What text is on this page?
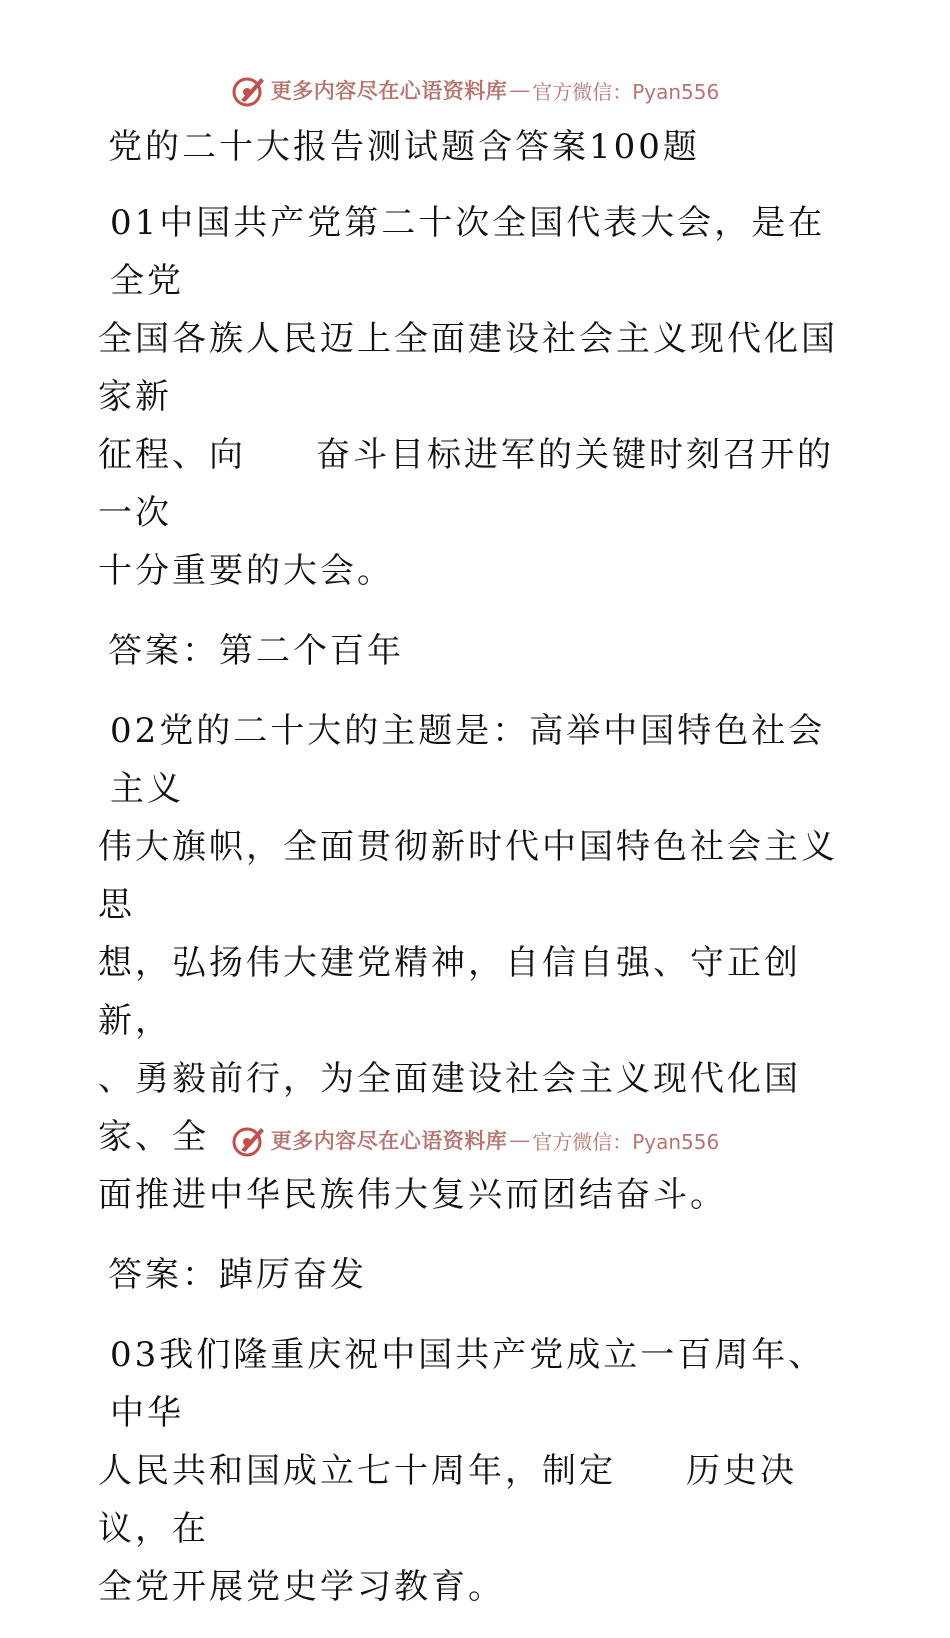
更多内容尽在心语资料库 — 官方微信：Pyan556
党的二十大报告测试题含答案100题
01中国共产党第二十次全国代表大会，是在全党
全国各族人民迈上全面建设社会主义现代化国家新
征程、向 奋斗目标进军的关键时刻召开的一次
十分重要的大会。
答案：第二个百年
02党的二十大的主题是：高举中国特色社会主义
伟大旗帜，全面贯彻新时代中国特色社会主义思
想，弘扬伟大建党精神，自信自强、守正创新，
、勇毅前行，为全面建设社会主义现代化国家、全
面推进中华民族伟大复兴而团结奋斗。
答案：踔厉奋发
03我们隆重庆祝中国共产党成立一百周年、中华
人民共和国成立七十周年，制定 历史决议，在
全党开展党史学习教育。
更多内容尽在心语资料库 — 官方微信：Pyan556
